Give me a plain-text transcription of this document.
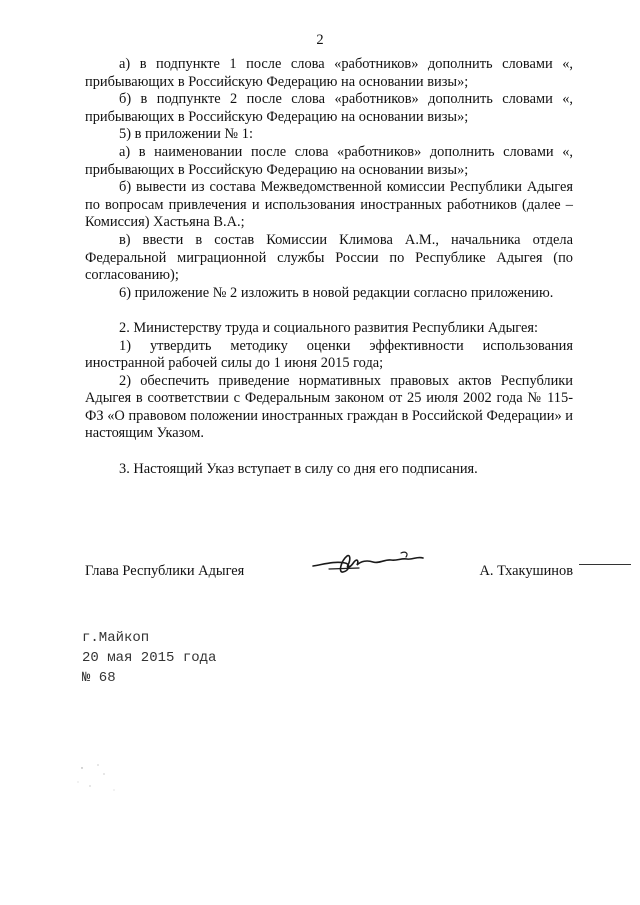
2

а) в подпункте 1 после слова «работников» дополнить словами «, прибывающих в Российскую Федерацию на основании визы»;

б) в подпункте 2 после слова «работников» дополнить словами «, прибывающих в Российскую Федерацию на основании визы»;

5) в приложении № 1:

а) в наименовании после слова «работников» дополнить словами «, прибывающих в Российскую Федерацию на основании визы»;

б) вывести из состава Межведомственной комиссии Республики Адыгея по вопросам привлечения и использования иностранных работников (далее – Комиссия) Хастьяна В.А.;

в) ввести в состав Комиссии Климова А.М., начальника отдела Федеральной миграционной службы России по Республике Адыгея (по согласованию);

6) приложение № 2 изложить в новой редакции согласно приложению.

2. Министерству труда и социального развития Республики Адыгея:

1) утвердить методику оценки эффективности использования иностранной рабочей силы до 1 июня 2015 года;

2) обеспечить приведение нормативных правовых актов Республики Адыгея в соответствии с Федеральным законом от 25 июля 2002 года № 115-ФЗ «О правовом положении иностранных граждан в Российской Федерации» и настоящим Указом.

3. Настоящий Указ вступает в силу со дня его подписания.

Глава Республики Адыгея	А. Тхакушинов
г.Майкоп
20 мая 2015 года
№ 68
